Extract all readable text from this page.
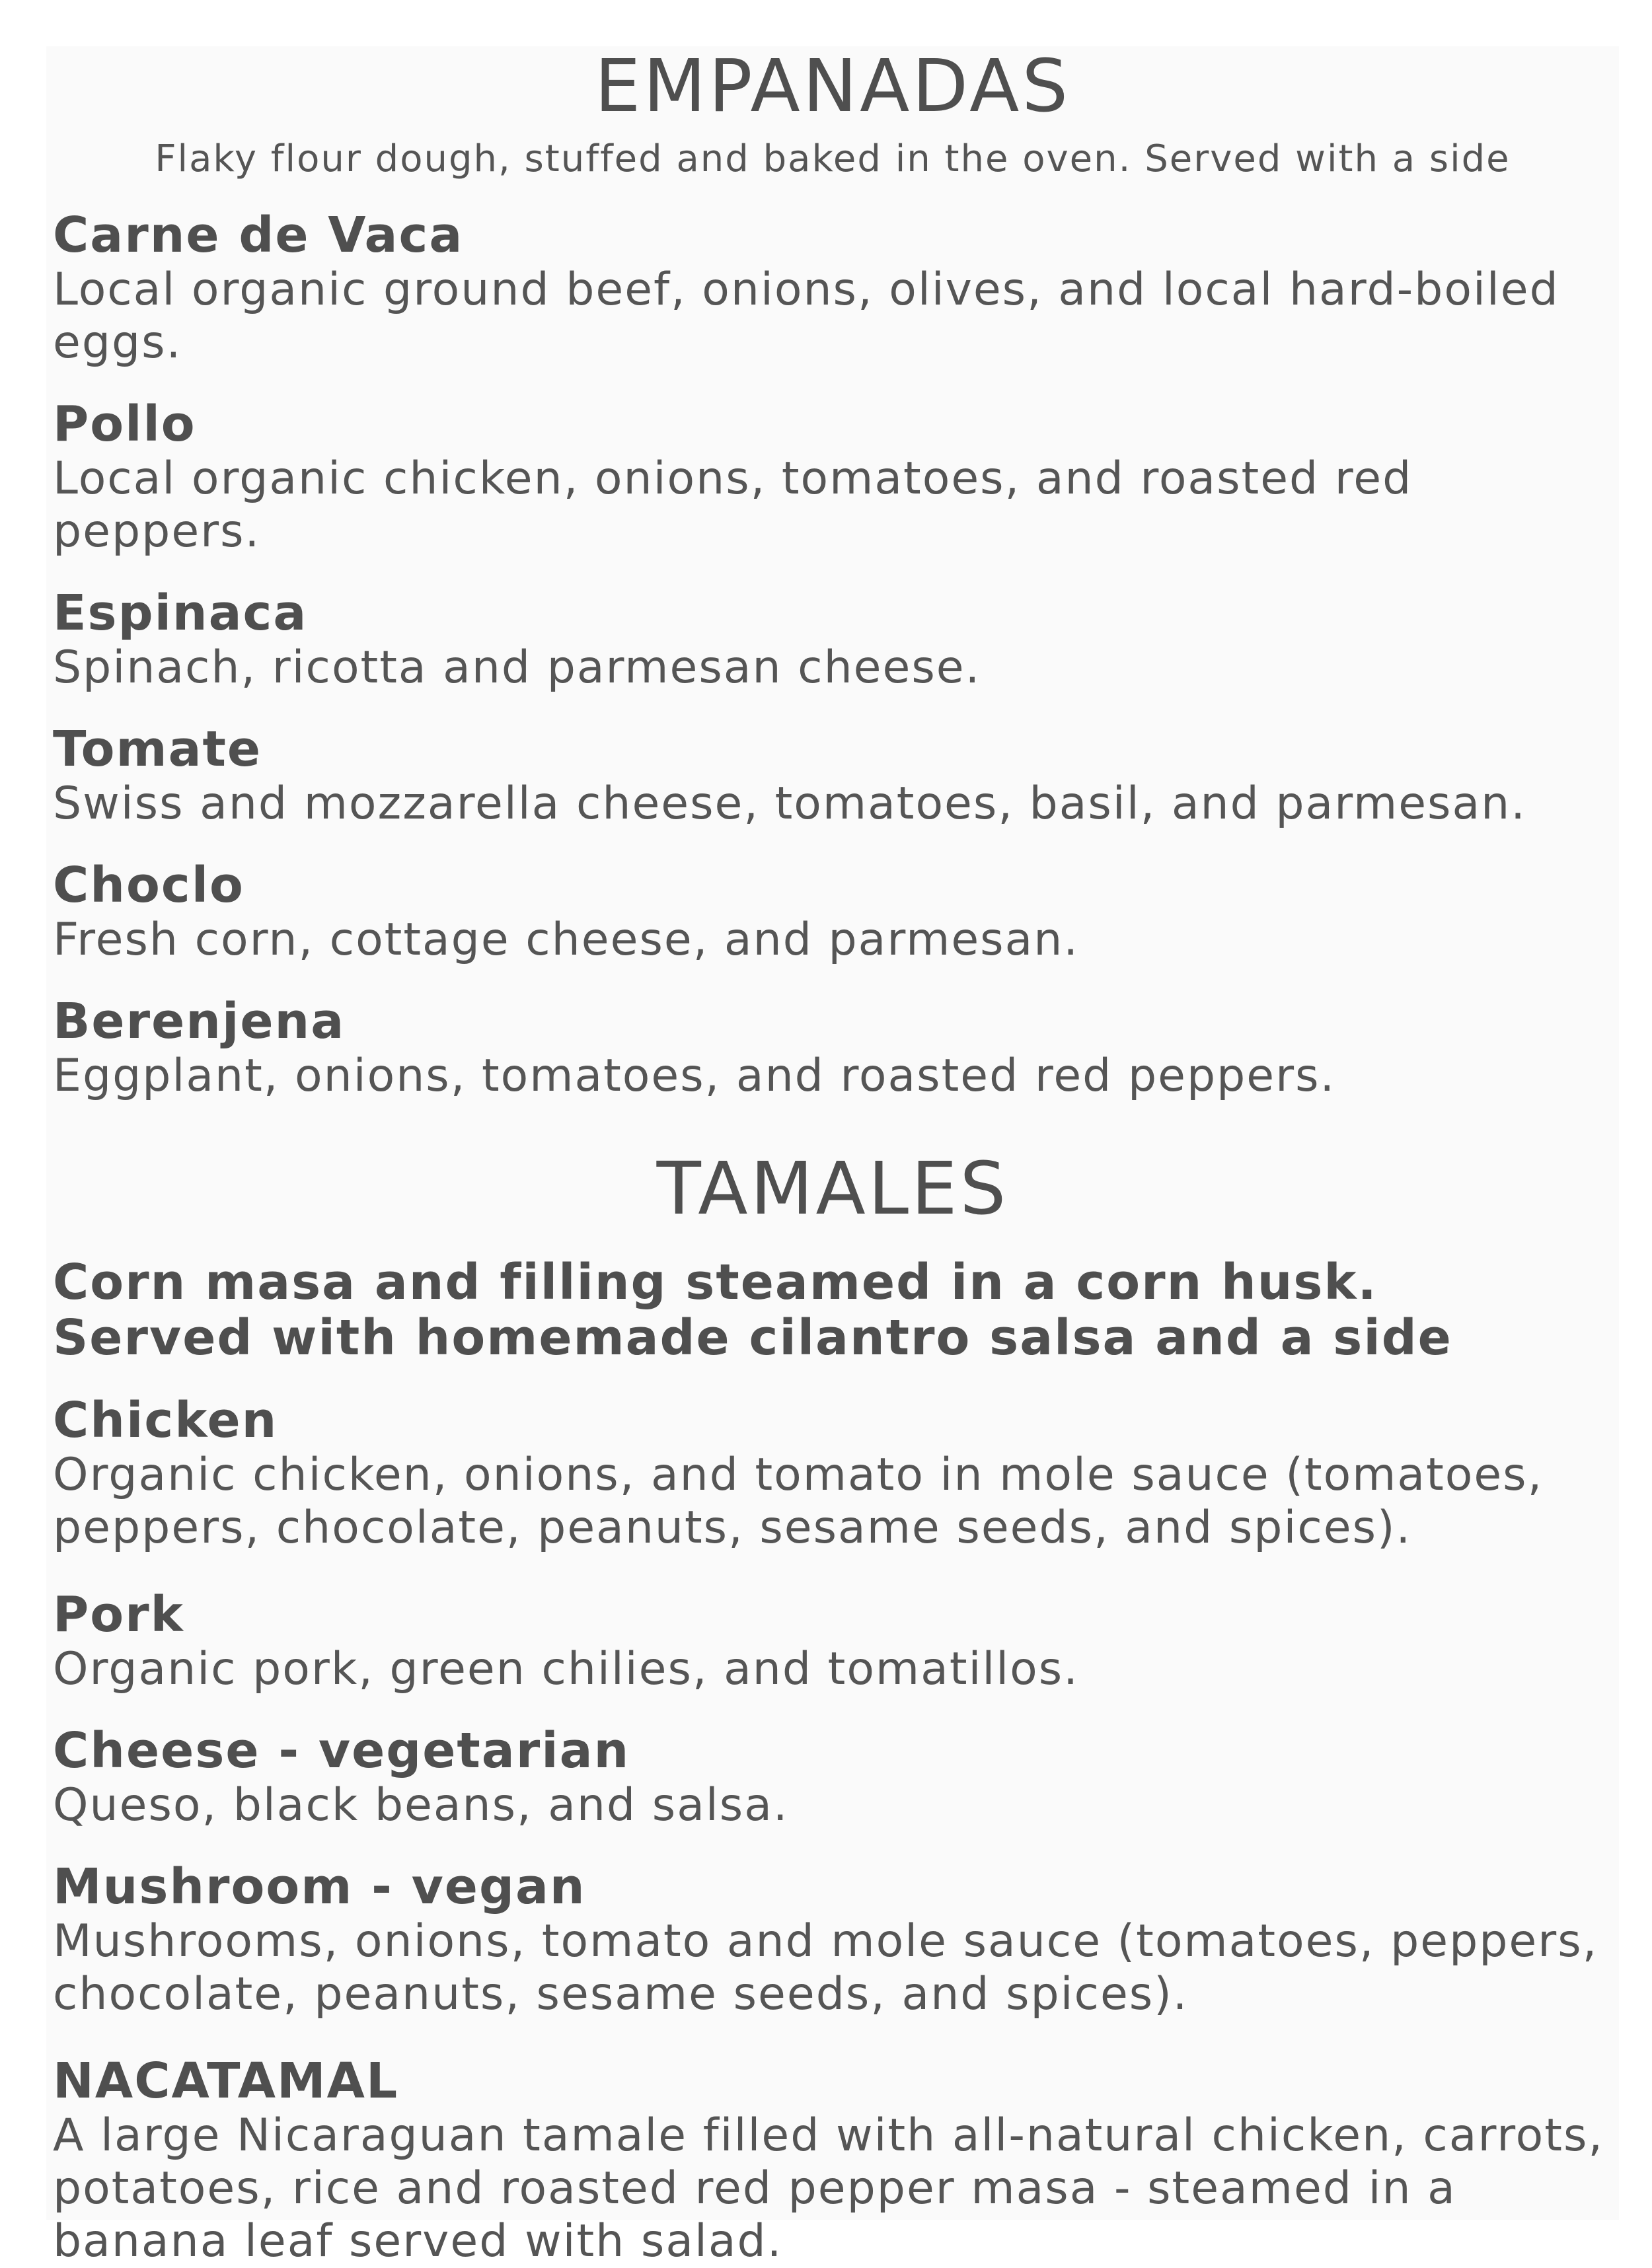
EMPANADAS

Flaky flour dough, stuffed and baked in the oven. Served with a side

Carne de Vaca
Local organic ground beef, onions, olives, and local hard-boiled eggs.
Pollo
Local organic chicken, onions, tomatoes, and roasted red peppers.
Espinaca
Spinach, ricotta and parmesan cheese.
Tomate
Swiss and mozzarella cheese, tomatoes, basil, and parmesan.
Choclo
Fresh corn, cottage cheese, and parmesan.
Berenjena
Eggplant, onions, tomatoes, and roasted red peppers.
TAMALES
Corn masa and filling steamed in a corn husk. Served with homemade cilantro salsa and a side
Chicken
Organic chicken, onions, and tomato in mole sauce (tomatoes, peppers, chocolate, peanuts, sesame seeds, and spices).
Pork
Organic pork, green chilies, and tomatillos.
Cheese - vegetarian
Queso, black beans, and salsa.
Mushroom - vegan
Mushrooms, onions, tomato and mole sauce (tomatoes, peppers, chocolate, peanuts, sesame seeds, and spices).
NACATAMAL
A large Nicaraguan tamale filled with all-natural chicken, carrots, potatoes, rice and roasted red pepper masa - steamed in a banana leaf served with salad.
